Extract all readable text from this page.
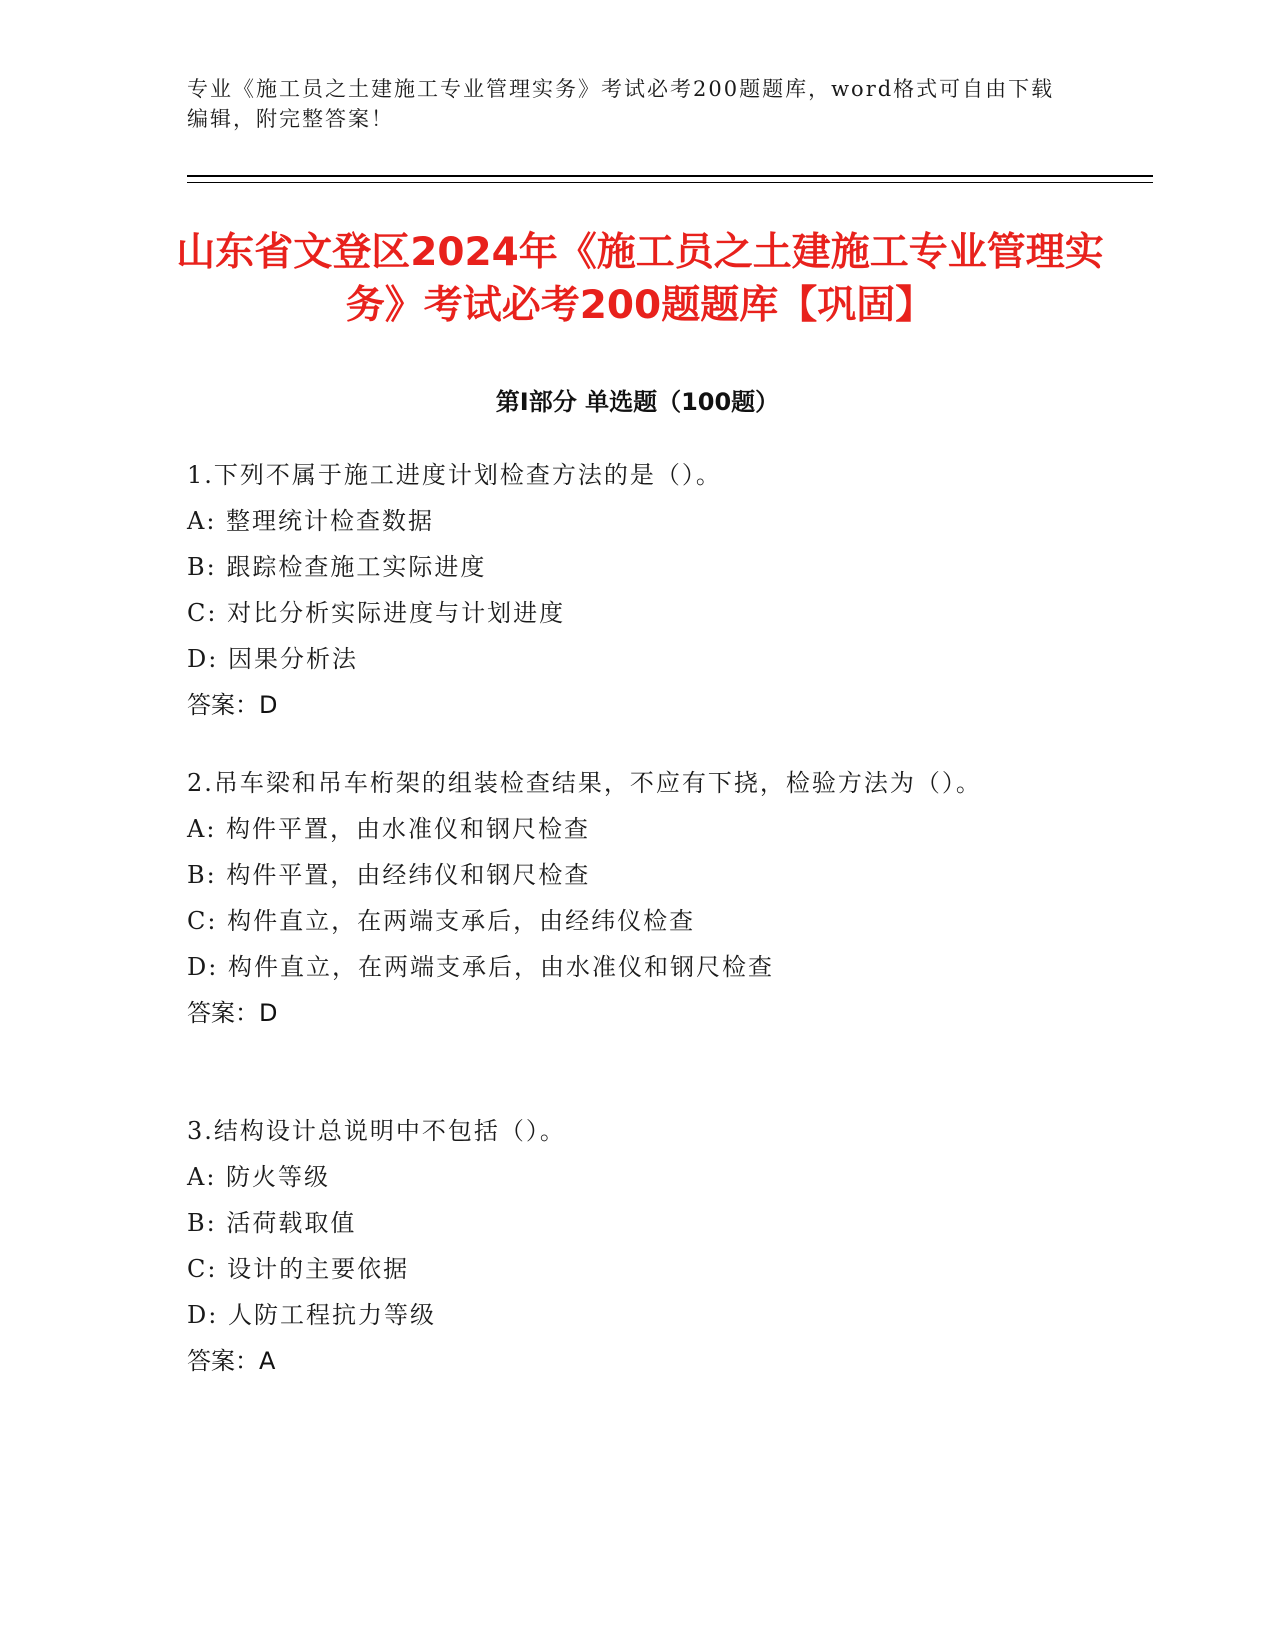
专业《施工员之土建施工专业管理实务》考试必考200题题库，word格式可自由下载编辑，附完整答案！
山东省文登区2024年《施工员之土建施工专业管理实务》考试必考200题题库【巩固】
第I部分 单选题（100题）
1.下列不属于施工进度计划检查方法的是（）。
A: 整理统计检查数据
B: 跟踪检查施工实际进度
C: 对比分析实际进度与计划进度
D: 因果分析法
答案：D
2.吊车梁和吊车桁架的组装检查结果，不应有下挠，检验方法为（）。
A: 构件平置，由水准仪和钢尺检查
B: 构件平置，由经纬仪和钢尺检查
C: 构件直立，在两端支承后，由经纬仪检查
D: 构件直立，在两端支承后，由水准仪和钢尺检查
答案：D
3.结构设计总说明中不包括（）。
A: 防火等级
B: 活荷载取值
C: 设计的主要依据
D: 人防工程抗力等级
答案：A
